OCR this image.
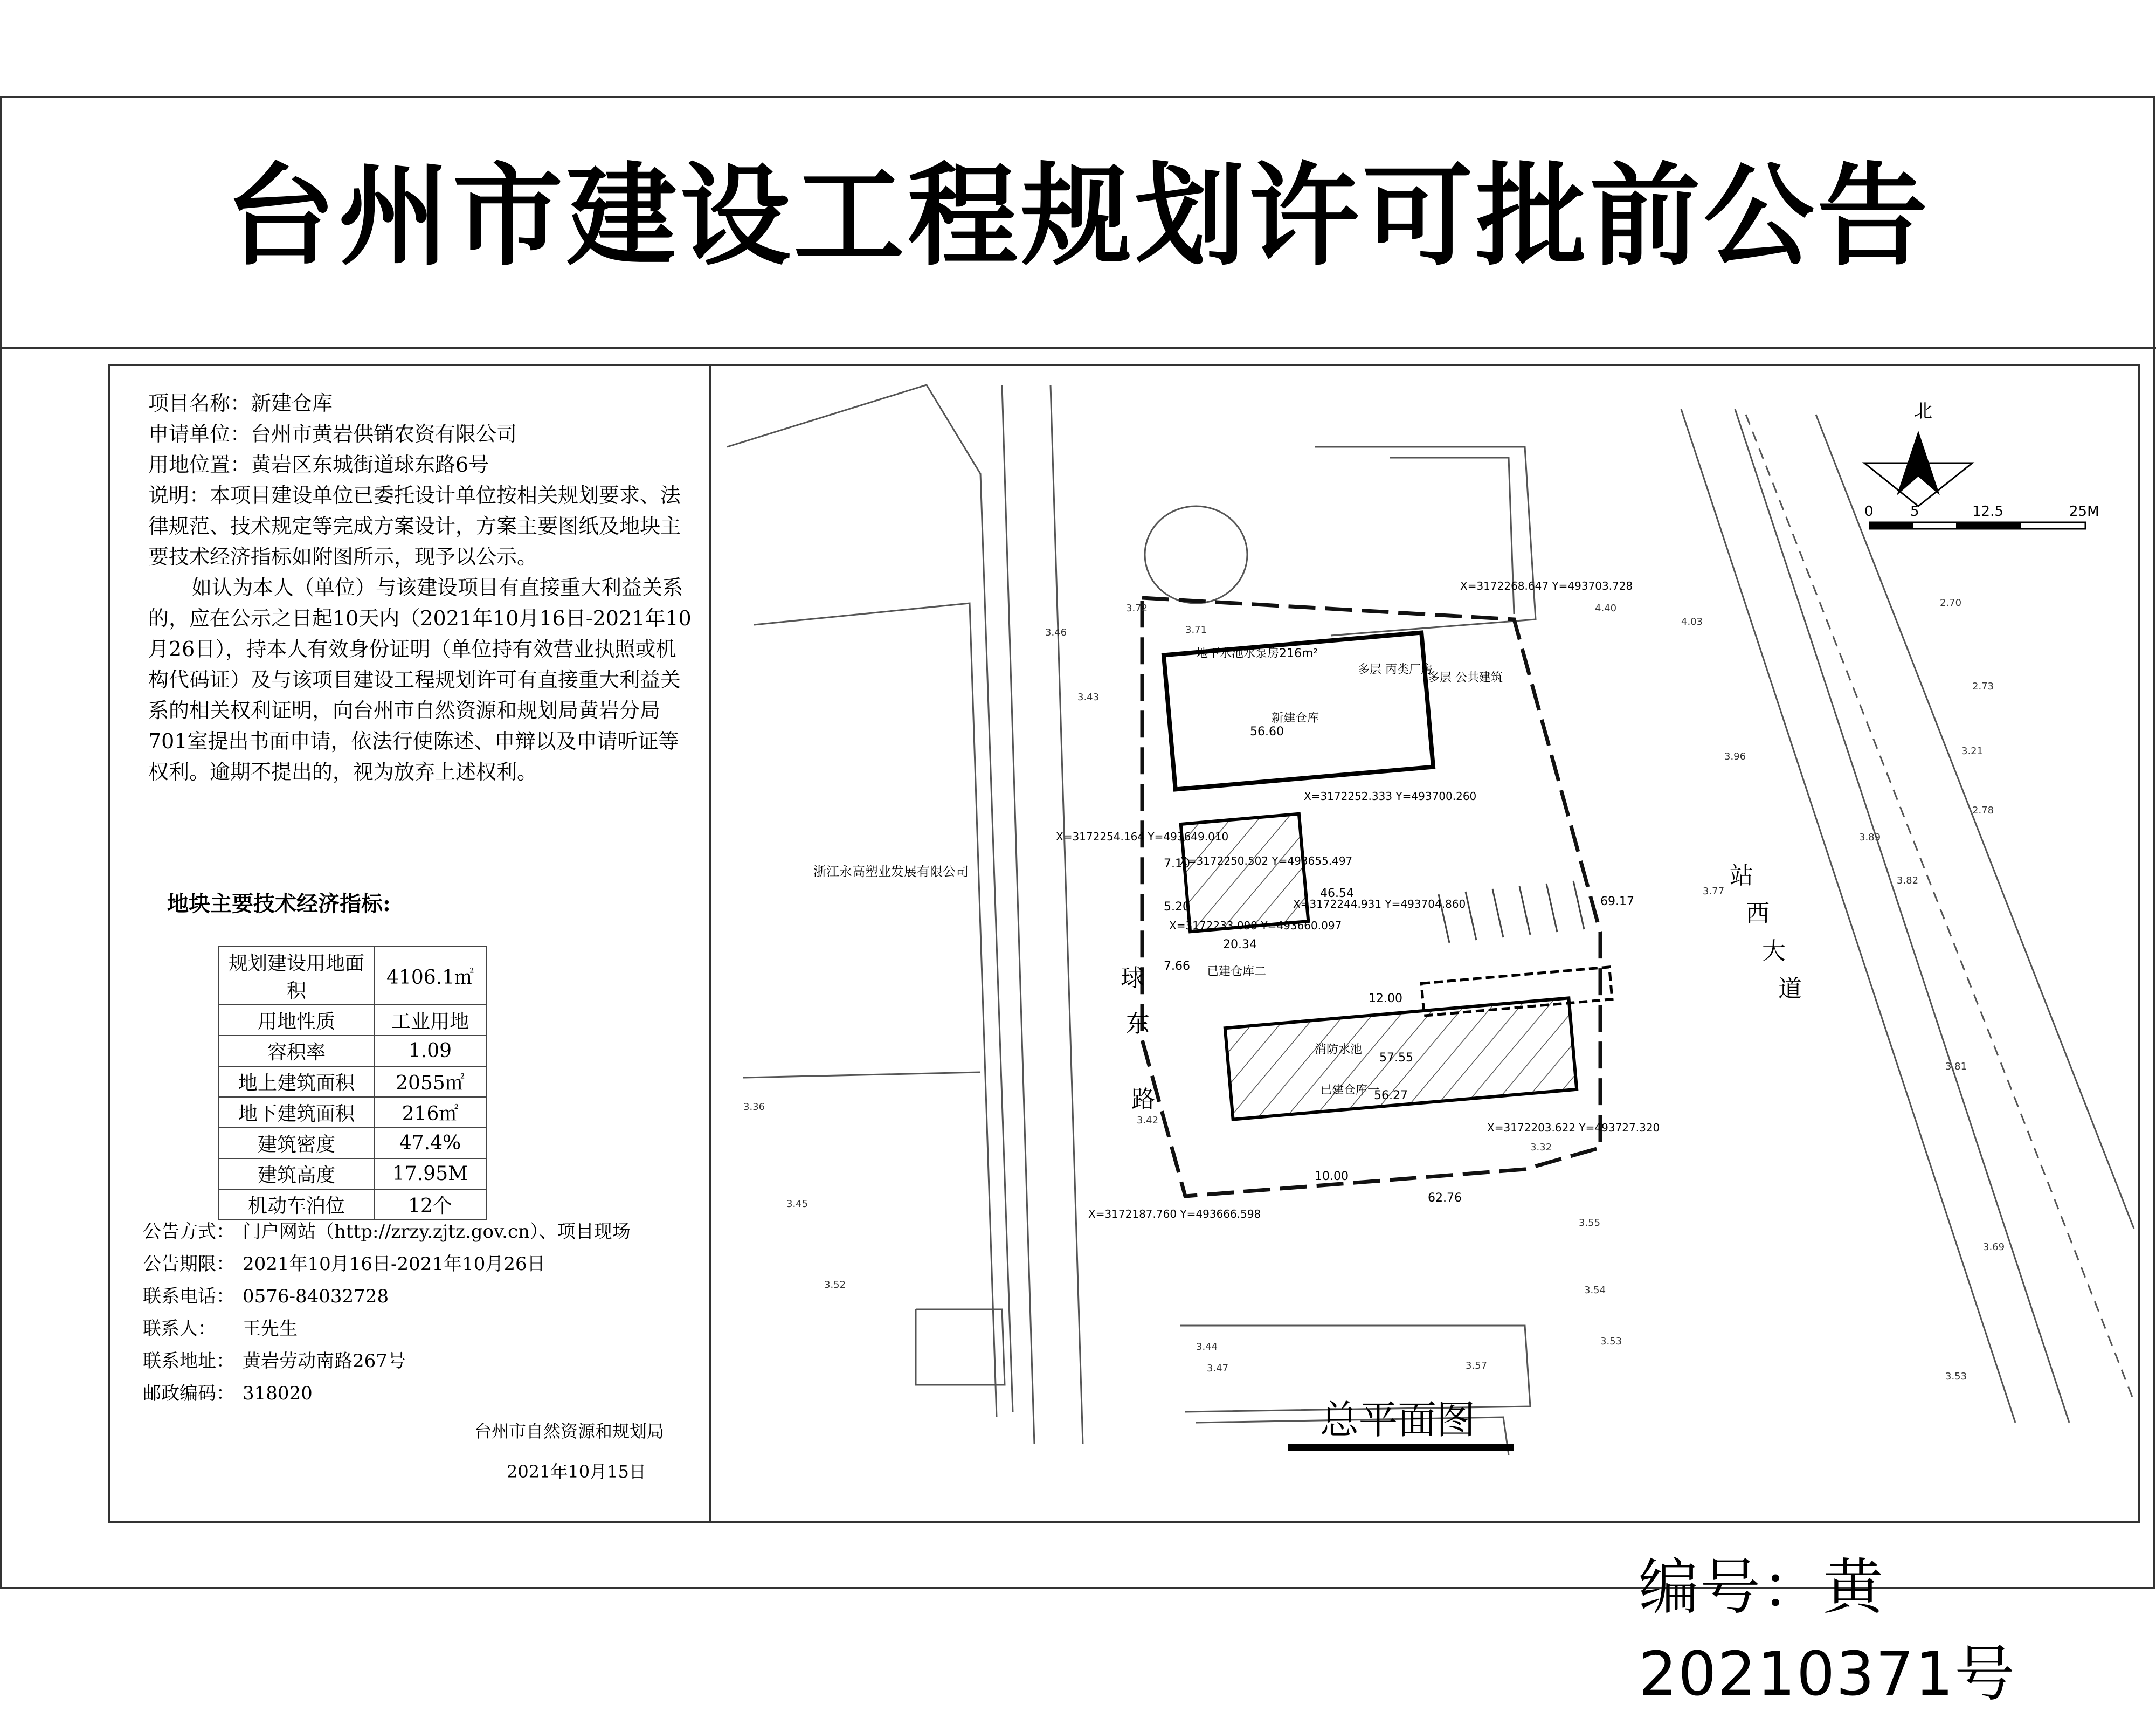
台州市建设工程规划许可批前公告

项目名称：新建仓库

申请单位：台州市黄岩供销农资有限公司

用地位置：黄岩区东城街道球东路6号

说明：本项目建设单位已委托设计单位按相关规划要求、法律规范、技术规定等完成方案设计，方案主要图纸及地块主要技术经济指标如附图所示，现予以公示。

如认为本人（单位）与该建设项目有直接重大利益关系的，应在公示之日起10天内（2021年10月16日-2021年10月26日），持本人有效身份证明（单位持有效营业执照或机构代码证）及与该项目建设工程规划许可有直接重大利益关系的相关权利证明，向台州市自然资源和规划局黄岩分局701室提出书面申请，依法行使陈述、申辩以及申请听证等权利。逾期不提出的，视为放弃上述权利。

地块主要技术经济指标:
规划建设用地面积	4106.1㎡
用地性质	工业用地
容积率	1.09
地上建筑面积	2055㎡
地下建筑面积	216㎡
建筑密度	47.4%
建筑高度	17.95M
机动车泊位	12个
公告方式： 门户网站（http://zrzy.zjtz.gov.cn）、项目现场
公告期限： 2021年10月16日-2021年10月26日
联系电话： 0576-84032728
联系人： 王先生
联系地址： 黄岩劳动南路267号
邮政编码： 318020
台州市自然资源和规划局
2021年10月15日
北
0	5	12.5	25M
站
西
大
道
球
东
路
浙江永高塑业发展有限公司
地下水池水泵房216m²
新建仓库
已建仓库一
已建仓库二
消防水池
多层 公共建筑
多层 丙类厂房
56.60
62.76
69.17
57.55
56.27
46.54
20.34
10.00
7.10
5.20
7.66
12.00
X=3172268.647 Y=493703.728
X=3172254.164 Y=493649.010
X=3172252.333 Y=493700.260
X=3172250.502 Y=493655.497
X=3172244.931 Y=493704.860
X=3172233.099 Y=493660.097
X=3172203.622 Y=493727.320
X=3172187.760 Y=493666.598
3.46
3.72
3.71
3.43
3.36
3.45
3.52
3.42
3.44
3.47
3.55
3.54
3.53
3.57
4.40
4.03
3.96
3.77
2.70
2.73
3.21
2.78
3.89
3.82
3.81
3.69
3.53
3.32
总平面图
编号：黄20210371号
